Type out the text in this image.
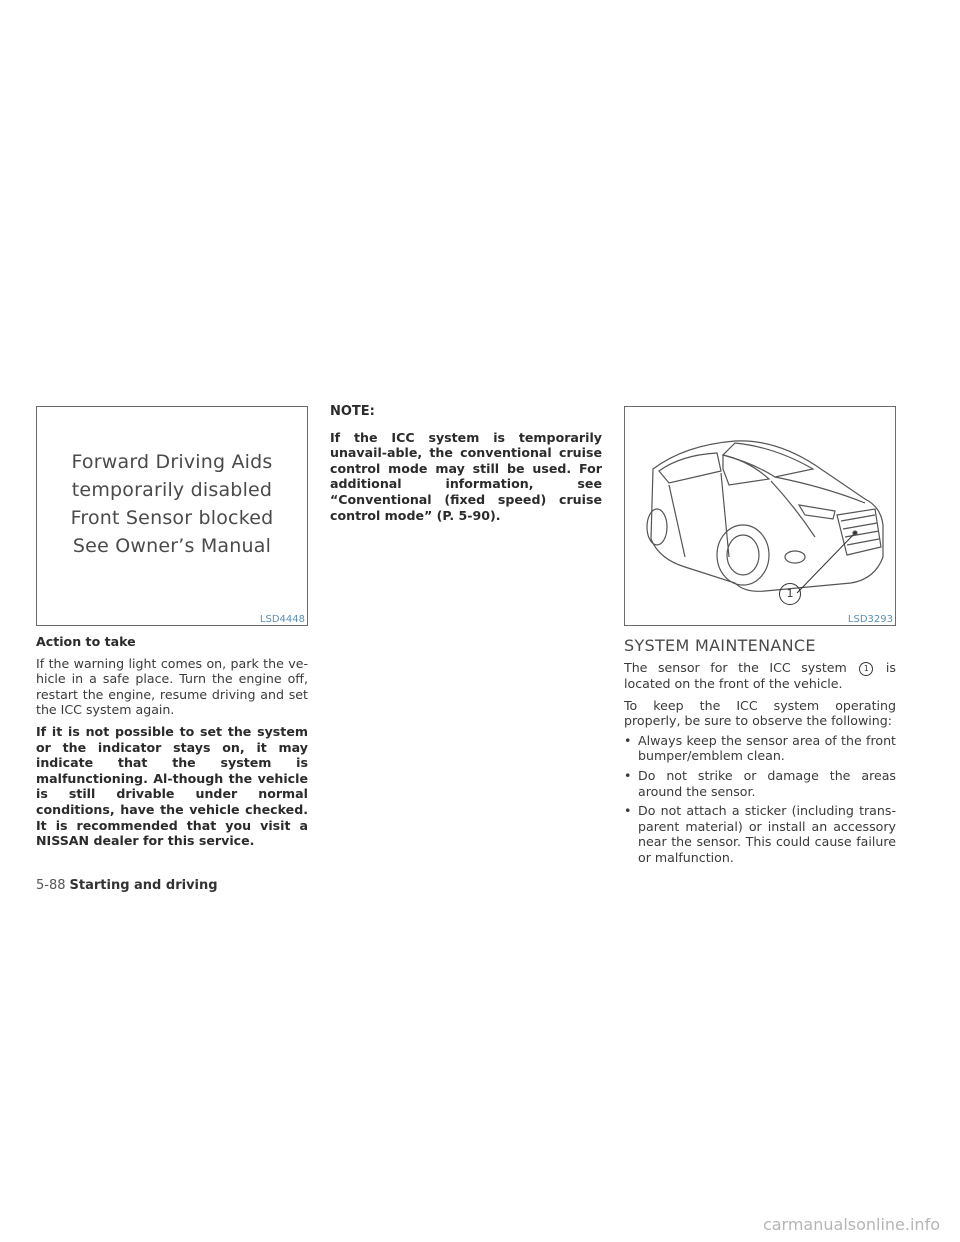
Forward Driving Aids
temporarily disabled
Front Sensor blocked
See Owner’s Manual
LSD4448

Action to take

If the warning light comes on, park the ve-hicle in a safe place. Turn the engine off, restart the engine, resume driving and set the ICC system again.

If it is not possible to set the system or the indicator stays on, it may indicate that the system is malfunctioning. Al-though the vehicle is still drivable under normal conditions, have the vehicle checked. It is recommended that you visit a NISSAN dealer for this service.

NOTE:

If the ICC system is temporarily unavail-able, the conventional cruise control mode may still be used. For additional information, see “Conventional (fixed speed) cruise control mode” (P. 5-90).

1
LSD3293
SYSTEM MAINTENANCE

The sensor for the ICC system 1 is located on the front of the vehicle.

To keep the ICC system operating properly, be sure to observe the following:

• Always keep the sensor area of the front bumper/emblem clean.
• Do not strike or damage the areas around the sensor.
• Do not attach a sticker (including trans-parent material) or install an accessory near the sensor. This could cause failure or malfunction.
5-88 Starting and driving
carmanualsonline.info
